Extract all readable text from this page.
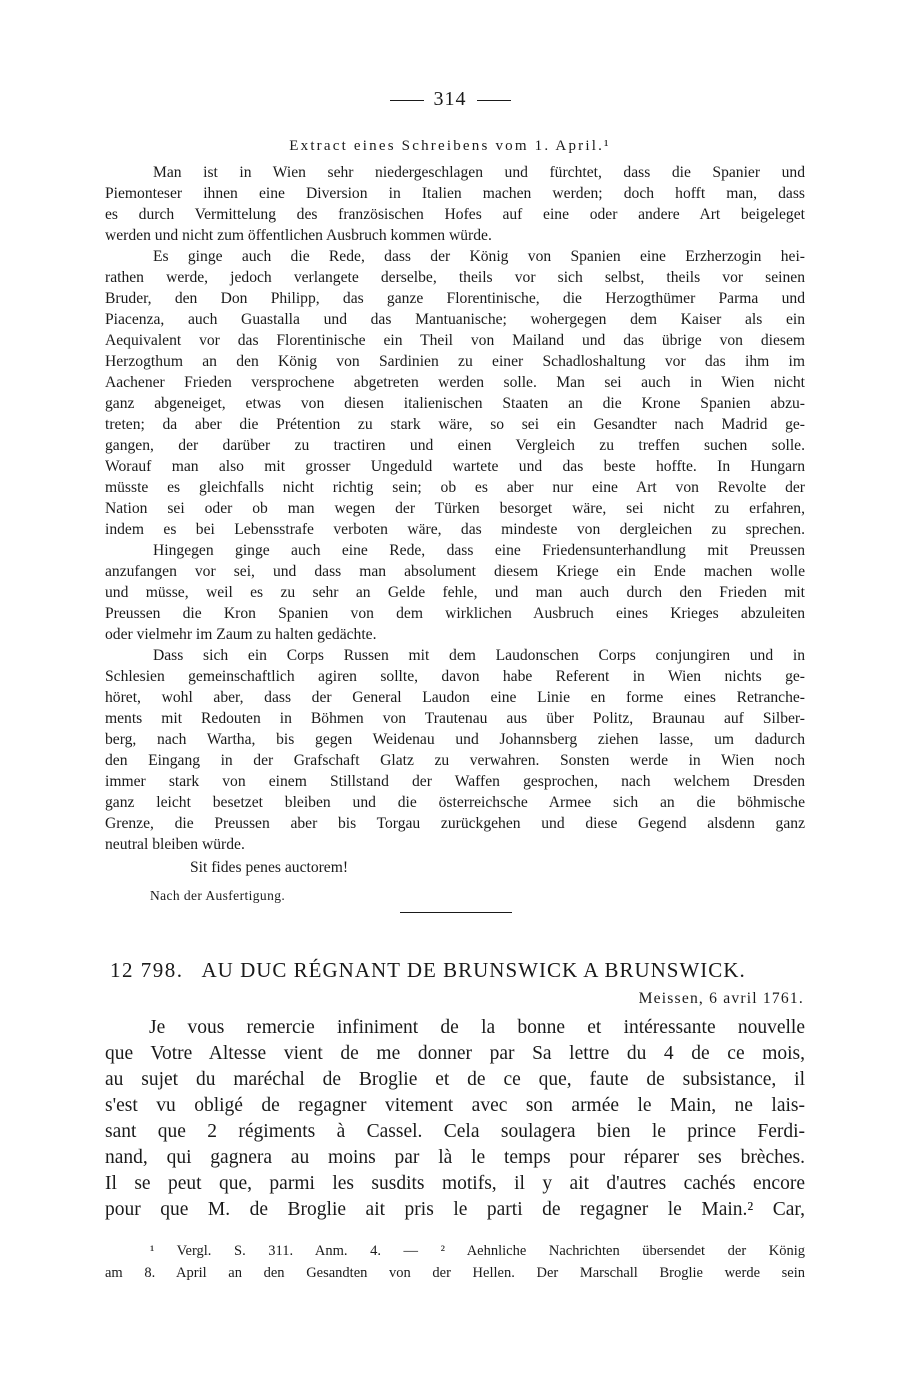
314
Extract eines Schreibens vom 1. April.¹
Man ist in Wien sehr niedergeschlagen und fürchtet, dass die Spanier und
Piemonteser ihnen eine Diversion in Italien machen werden; doch hofft man, dass
es durch Vermittelung des französischen Hofes auf eine oder andere Art beigeleget
werden und nicht zum öffentlichen Ausbruch kommen würde.
Es ginge auch die Rede, dass der König von Spanien eine Erzherzogin hei-
rathen werde, jedoch verlangete derselbe, theils vor sich selbst, theils vor seinen
Bruder, den Don Philipp, das ganze Florentinische, die Herzogthümer Parma und
Piacenza, auch Guastalla und das Mantuanische; wohergegen dem Kaiser als ein
Aequivalent vor das Florentinische ein Theil von Mailand und das übrige von diesem
Herzogthum an den König von Sardinien zu einer Schadloshaltung vor das ihm im
Aachener Frieden versprochene abgetreten werden solle. Man sei auch in Wien nicht
ganz abgeneiget, etwas von diesen italienischen Staaten an die Krone Spanien abzu-
treten; da aber die Prétention zu stark wäre, so sei ein Gesandter nach Madrid ge-
gangen, der darüber zu tractiren und einen Vergleich zu treffen suchen solle.
Worauf man also mit grosser Ungeduld wartete und das beste hoffte. In Hungarn
müsste es gleichfalls nicht richtig sein; ob es aber nur eine Art von Revolte der
Nation sei oder ob man wegen der Türken besorget wäre, sei nicht zu erfahren,
indem es bei Lebensstrafe verboten wäre, das mindeste von dergleichen zu sprechen.
Hingegen ginge auch eine Rede, dass eine Friedensunterhandlung mit Preussen
anzufangen vor sei, und dass man absolument diesem Kriege ein Ende machen wolle
und müsse, weil es zu sehr an Gelde fehle, und man auch durch den Frieden mit
Preussen die Kron Spanien von dem wirklichen Ausbruch eines Krieges abzuleiten
oder vielmehr im Zaum zu halten gedächte.
Dass sich ein Corps Russen mit dem Laudonschen Corps conjungiren und in
Schlesien gemeinschaftlich agiren sollte, davon habe Referent in Wien nichts ge-
höret, wohl aber, dass der General Laudon eine Linie en forme eines Retranche-
ments mit Redouten in Böhmen von Trautenau aus über Politz, Braunau auf Silber-
berg, nach Wartha, bis gegen Weidenau und Johannsberg ziehen lasse, um dadurch
den Eingang in der Grafschaft Glatz zu verwahren. Sonsten werde in Wien noch
immer stark von einem Stillstand der Waffen gesprochen, nach welchem Dresden
ganz leicht besetzet bleiben und die österreichsche Armee sich an die böhmische
Grenze, die Preussen aber bis Torgau zurückgehen und diese Gegend alsdenn ganz
neutral bleiben würde.
Sit fides penes auctorem!
Nach der Ausfertigung.
12 798. AU DUC RÉGNANT DE BRUNSWICK A BRUNSWICK.
Meissen, 6 avril 1761.
Je vous remercie infiniment de la bonne et intéressante nouvelle
que Votre Altesse vient de me donner par Sa lettre du 4 de ce mois,
au sujet du maréchal de Broglie et de ce que, faute de subsistance, il
s'est vu obligé de regagner vitement avec son armée le Main, ne lais-
sant que 2 régiments à Cassel. Cela soulagera bien le prince Ferdi-
nand, qui gagnera au moins par là le temps pour réparer ses brèches.
Il se peut que, parmi les susdits motifs, il y ait d'autres cachés encore
pour que M. de Broglie ait pris le parti de regagner le Main.² Car,
¹ Vergl. S. 311. Anm. 4. — ² Aehnliche Nachrichten übersendet der König
am 8. April an den Gesandten von der Hellen. Der Marschall Broglie werde sein
